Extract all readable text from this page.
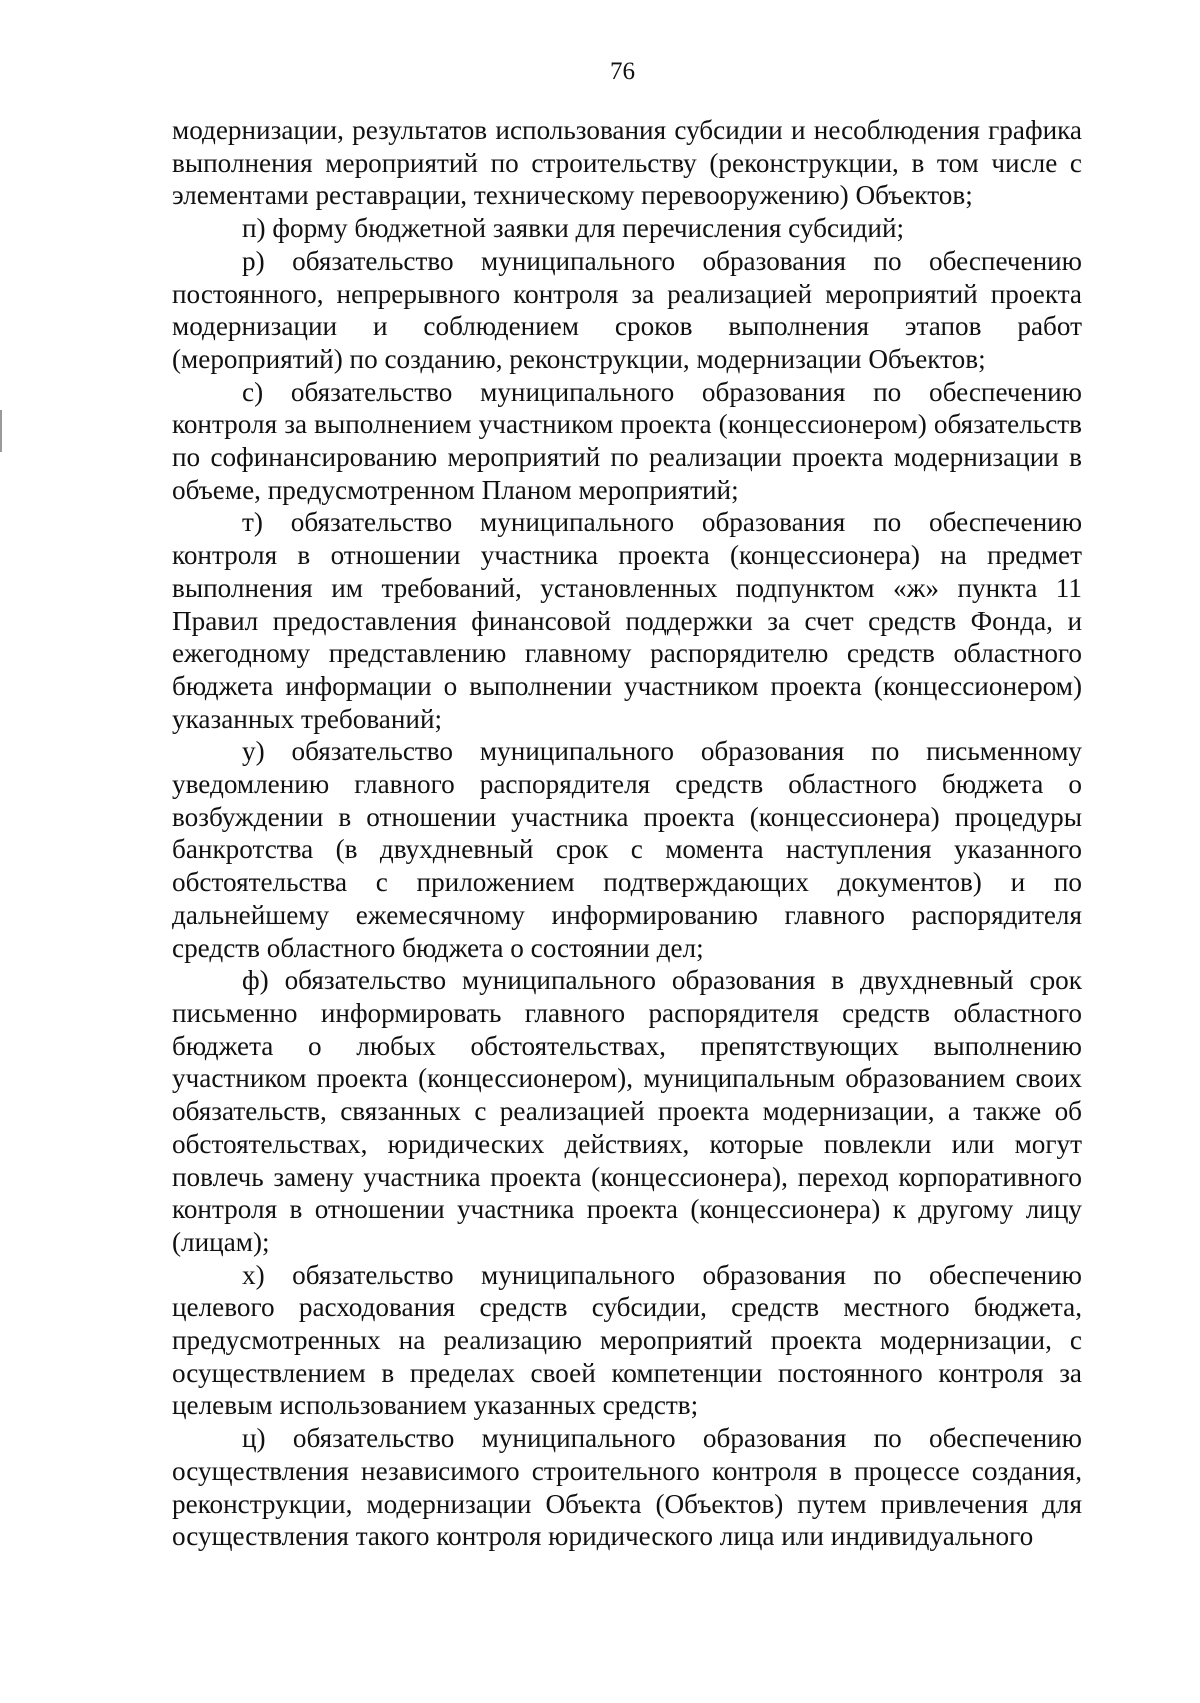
76

модернизации, результатов использования субсидии и несоблюдения графика выполнения мероприятий по строительству (реконструкции, в том числе с элементами реставрации, техническому перевооружению) Объектов;

п) форму бюджетной заявки для перечисления субсидий;

р) обязательство муниципального образования по обеспечению постоянного, непрерывного контроля за реализацией мероприятий проекта модернизации и соблюдением сроков выполнения этапов работ (мероприятий) по созданию, реконструкции, модернизации Объектов;

с) обязательство муниципального образования по обеспечению контроля за выполнением участником проекта (концессионером) обязательств по софинансированию мероприятий по реализации проекта модернизации в объеме, предусмотренном Планом мероприятий;

т) обязательство муниципального образования по обеспечению контроля в отношении участника проекта (концессионера) на предмет выполнения им требований, установленных подпунктом «ж» пункта 11 Правил предоставления финансовой поддержки за счет средств Фонда, и ежегодному представлению главному распорядителю средств областного бюджета информации о выполнении участником проекта (концессионером) указанных требований;

у) обязательство муниципального образования по письменному уведомлению главного распорядителя средств областного бюджета о возбуждении в отношении участника проекта (концессионера) процедуры банкротства (в двухдневный срок с момента наступления указанного обстоятельства с приложением подтверждающих документов) и по дальнейшему ежемесячному информированию главного распорядителя средств областного бюджета о состоянии дел;

ф) обязательство муниципального образования в двухдневный срок письменно информировать главного распорядителя средств областного бюджета о любых обстоятельствах, препятствующих выполнению участником проекта (концессионером), муниципальным образованием своих обязательств, связанных с реализацией проекта модернизации, а также об обстоятельствах, юридических действиях, которые повлекли или могут повлечь замену участника проекта (концессионера), переход корпоративного контроля в отношении участника проекта (концессионера) к другому лицу (лицам);

х) обязательство муниципального образования по обеспечению целевого расходования средств субсидии, средств местного бюджета, предусмотренных на реализацию мероприятий проекта модернизации, с осуществлением в пределах своей компетенции постоянного контроля за целевым использованием указанных средств;

ц) обязательство муниципального образования по обеспечению осуществления независимого строительного контроля в процессе создания, реконструкции, модернизации Объекта (Объектов) путем привлечения для осуществления такого контроля юридического лица или индивидуального
